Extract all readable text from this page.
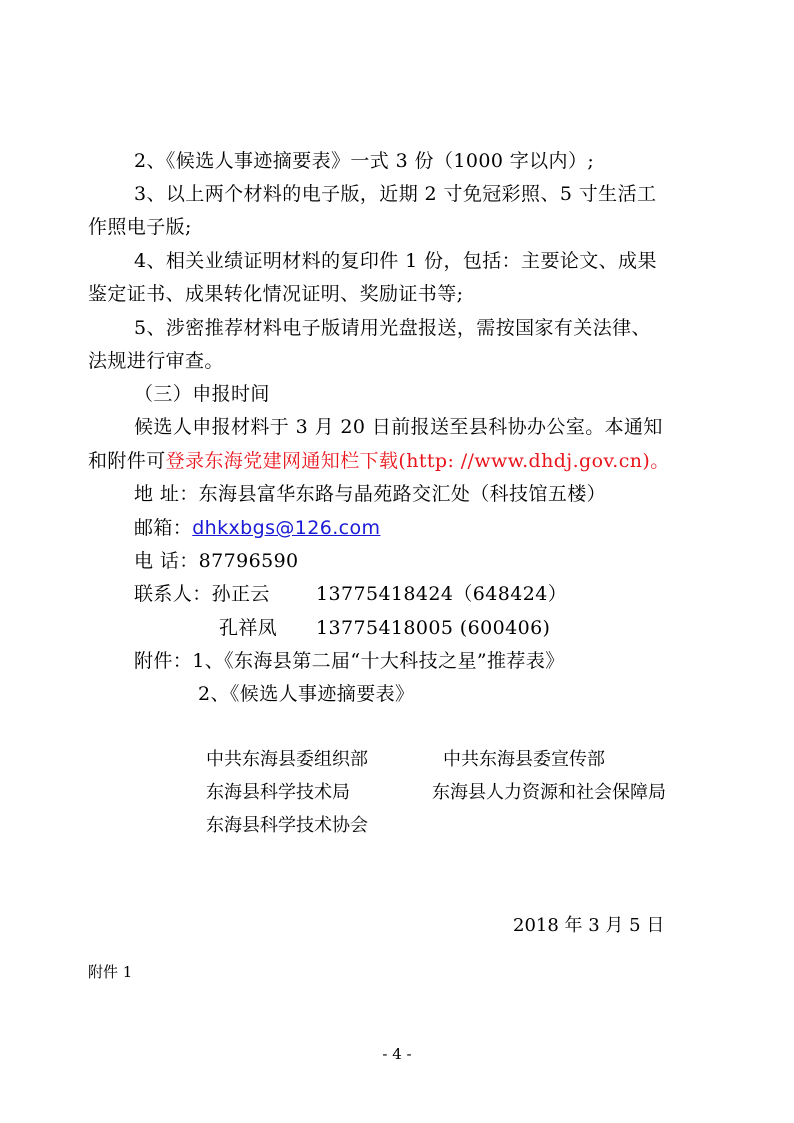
2、《候选人事迹摘要表》一式 3 份（1000 字以内）;
3、以上两个材料的电子版，近期 2 寸免冠彩照、5 寸生活工
作照电子版;
4、相关业绩证明材料的复印件 1 份，包括：主要论文、成果
鉴定证书、成果转化情况证明、奖励证书等;
5、涉密推荐材料电子版请用光盘报送，需按国家有关法律、
法规进行审查。
（三）申报时间
候选人申报材料于 3 月 20 日前报送至县科协办公室。本通知
和附件可登录东海党建网通知栏下载(http: //www.dhdj.gov.cn)。
地 址：东海县富华东路与晶苑路交汇处（科技馆五楼）
邮箱：dhkxbgs@126.com
电 话：87796590
联系人：孙正云 13775418424（648424）
孔祥凤 13775418005 (600406)
附件：1、《东海县第二届“十大科技之星”推荐表》
2、《候选人事迹摘要表》
中共东海县委组织部	中共东海县委宣传部
东海县科学技术局	东海县人力资源和社会保障局
东海县科学技术协会
2018 年 3 月 5 日
附件 1
- 4 -
